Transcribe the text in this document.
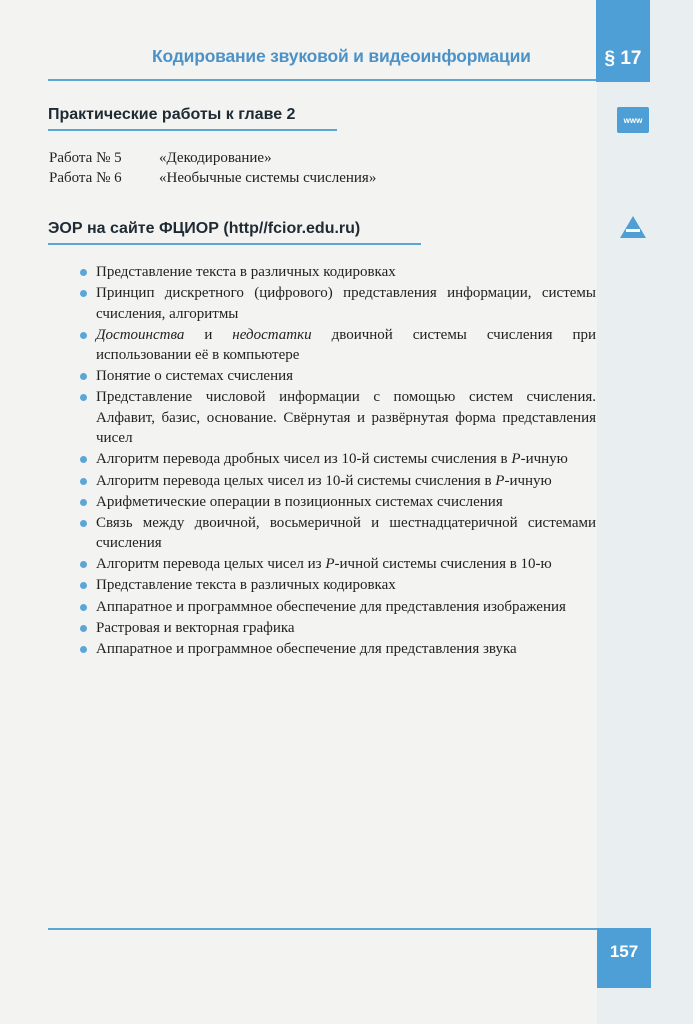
Кодирование звуковой и видеоинформации	§ 17
www
Практические работы к главе 2
Работа № 5	«Декодирование»
Работа № 6	«Необычные системы счисления»
ЭОР на сайте ФЦИОР (http//fcior.edu.ru)
Представление текста в различных кодировках
Принцип дискретного (цифрового) представления информации, системы счисления, алгоритмы
Достоинства и недостатки двоичной системы счисления при использовании её в компьютере
Понятие о системах счисления
Представление числовой информации с помощью систем счисления. Алфавит, базис, основание. Свёрнутая и развёрнутая форма представления чисел
Алгоритм перевода дробных чисел из 10-й системы счисления в P-ичную
Алгоритм перевода целых чисел из 10-й системы счисления в P-ичную
Арифметические операции в позиционных системах счисления
Связь между двоичной, восьмеричной и шестнадцатеричной системами счисления
Алгоритм перевода целых чисел из P-ичной системы счисления в 10-ю
Представление текста в различных кодировках
Аппаратное и программное обеспечение для представления изображения
Растровая и векторная графика
Аппаратное и программное обеспечение для представления звука
157
